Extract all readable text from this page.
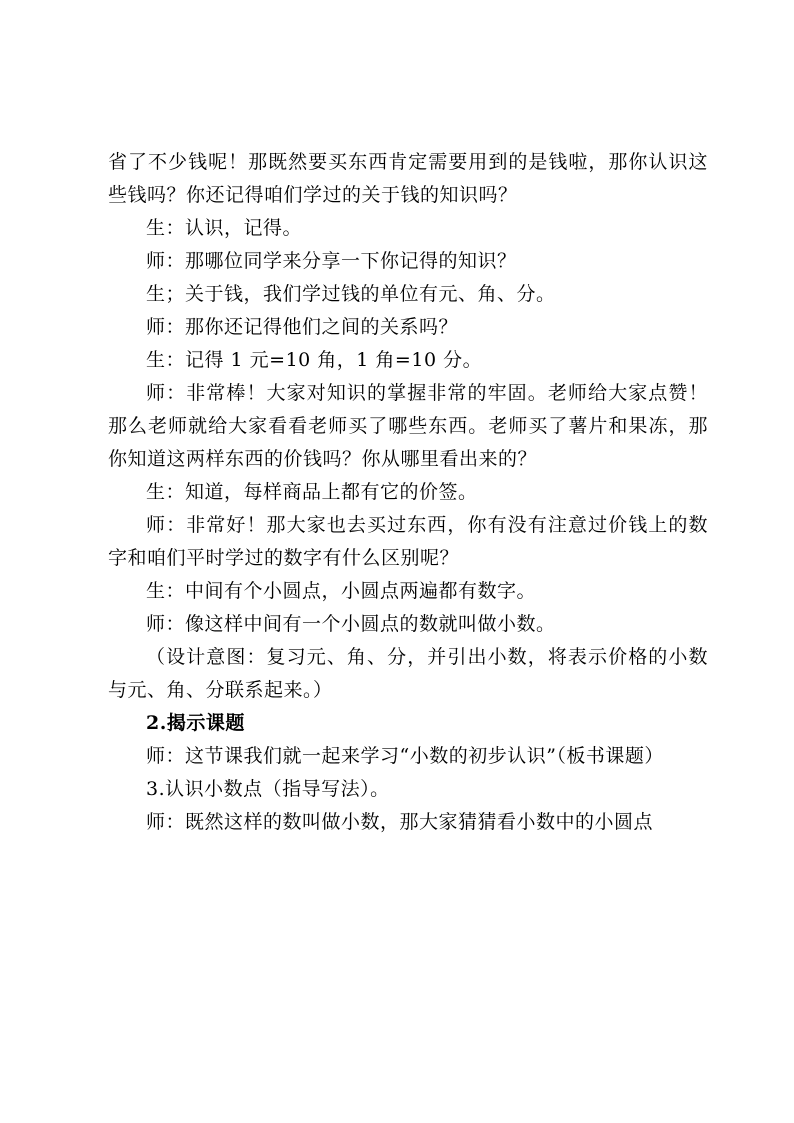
省了不少钱呢！那既然要买东西肯定需要用到的是钱啦，那你认识这些钱吗？你还记得咱们学过的关于钱的知识吗？

生：认识，记得。

师：那哪位同学来分享一下你记得的知识？

生；关于钱，我们学过钱的单位有元、角、分。

师：那你还记得他们之间的关系吗？

生：记得 1 元=10 角，1 角=10 分。

师：非常棒！大家对知识的掌握非常的牢固。老师给大家点赞！那么老师就给大家看看老师买了哪些东西。老师买了薯片和果冻，那你知道这两样东西的价钱吗？你从哪里看出来的？

生：知道，每样商品上都有它的价签。

师：非常好！那大家也去买过东西，你有没有注意过价钱上的数字和咱们平时学过的数字有什么区别呢？

生：中间有个小圆点，小圆点两遍都有数字。

师：像这样中间有一个小圆点的数就叫做小数。

（设计意图：复习元、角、分，并引出小数，将表示价格的小数与元、角、分联系起来。）

2.揭示课题

师：这节课我们就一起来学习“小数的初步认识”（板书课题）

3.认识小数点（指导写法）。

师：既然这样的数叫做小数，那大家猜猜看小数中的小圆点
